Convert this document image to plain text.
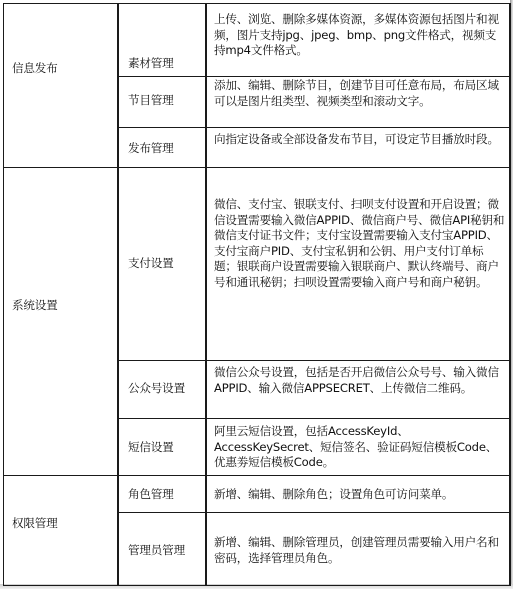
信息发布	素材管理
上传、浏览、删除多媒体资源，多媒体资源包括图片和视频，图片支持jpg、jpeg、bmp、png文件格式，视频支持mp4文件格式。
节目管理
添加、编辑、删除节目，创建节目可任意布局，布局区域可以是图片组类型、视频类型和滚动文字。
发布管理
向指定设备或全部设备发布节目，可设定节目播放时段。
系统设置
支付设置
微信、支付宝、银联支付、扫呗支付设置和开启设置；微信设置需要输入微信APPID、微信商户号、微信API秘钥和微信支付证书文件；支付宝设置需要输入支付宝APPID、支付宝商户PID、支付宝私钥和公钥、用户支付订单标题；银联商户设置需要输入银联商户、默认终端号、商户号和通讯秘钥；扫呗设置需要输入商户号和商户秘钥。
公众号设置
微信公众号设置，包括是否开启微信公众号号、输入微信APPID、输入微信APPSECRET、上传微信二维码。
短信设置
阿里云短信设置，包括AccessKeyId、AccessKeySecret、短信签名、验证码短信模板Code、优惠劵短信模板Code。
权限管理
角色管理	新增、编辑、删除角色；设置角色可访问菜单。
管理员管理
新增、编辑、删除管理员，创建管理员需要输入用户名和密码，选择管理员角色。
